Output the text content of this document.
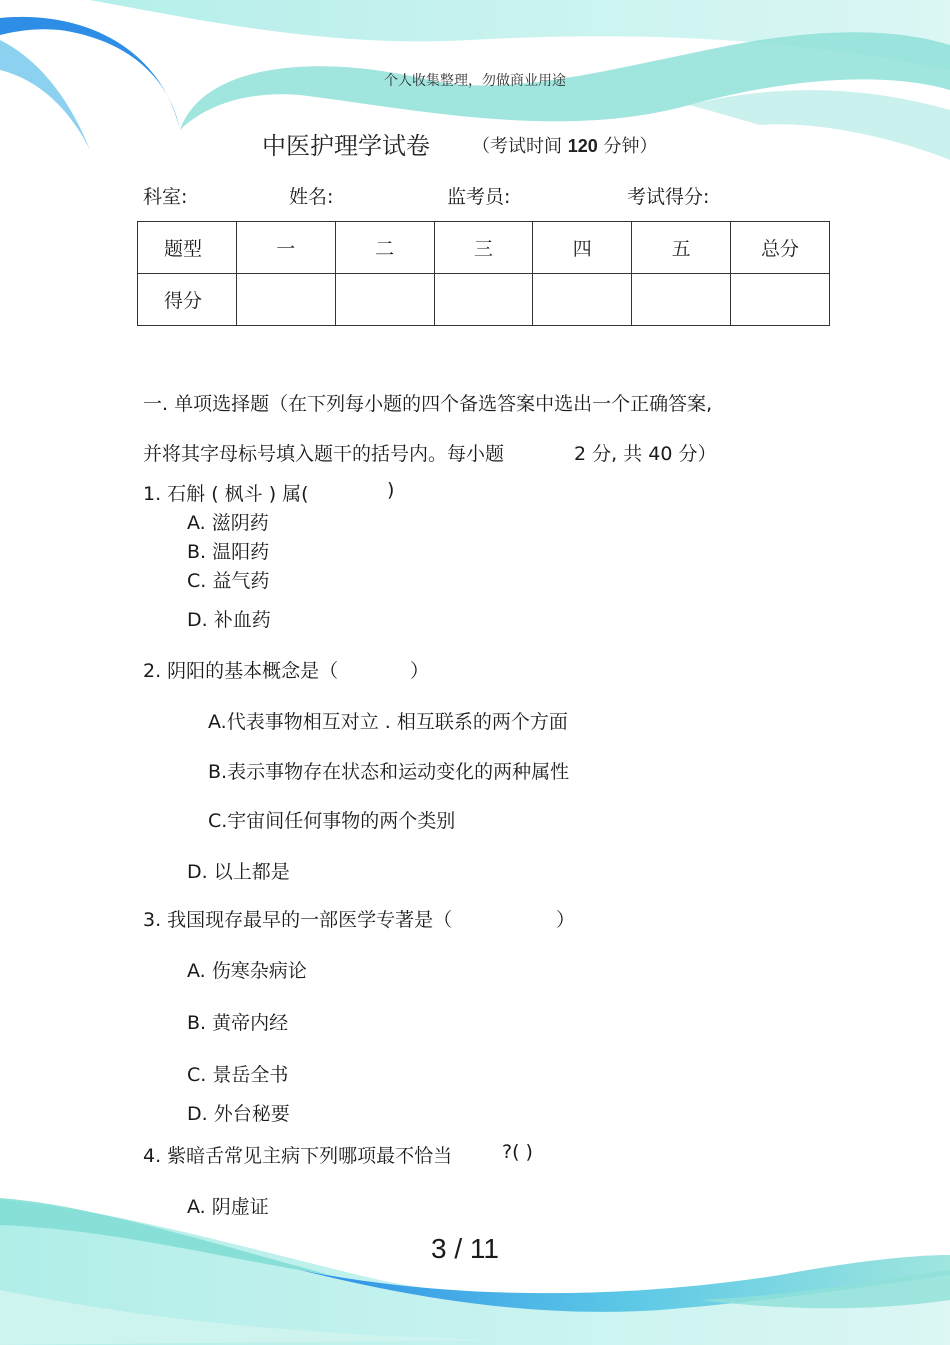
个人收集整理，勿做商业用途
中医护理学试卷 （考试时间 120 分钟）
科室:	姓名:	监考员:	考试得分:
题型	一	二	三	四	五	总分
得分						
一. 单项选择题（在下列每小题的四个备选答案中选出一个正确答案,
并将其字母标号填入题干的括号内。每小题	2 分, 共 40 分）
1. 石斛 ( 枫斗 ) 属(	)
A. 滋阴药
B. 温阳药
C. 益气药
D. 补血药
2. 阴阳的基本概念是（	）
A.代表事物相互对立 . 相互联系的两个方面
B.表示事物存在状态和运动变化的两种属性
C.宇宙间任何事物的两个类别
D. 以上都是
3. 我国现存最早的一部医学专著是（	）
A. 伤寒杂病论
B. 黄帝内经
C. 景岳全书
D. 外台秘要
4. 紫暗舌常见主病下列哪项最不恰当	?( )
A. 阴虚证
3 / 11
